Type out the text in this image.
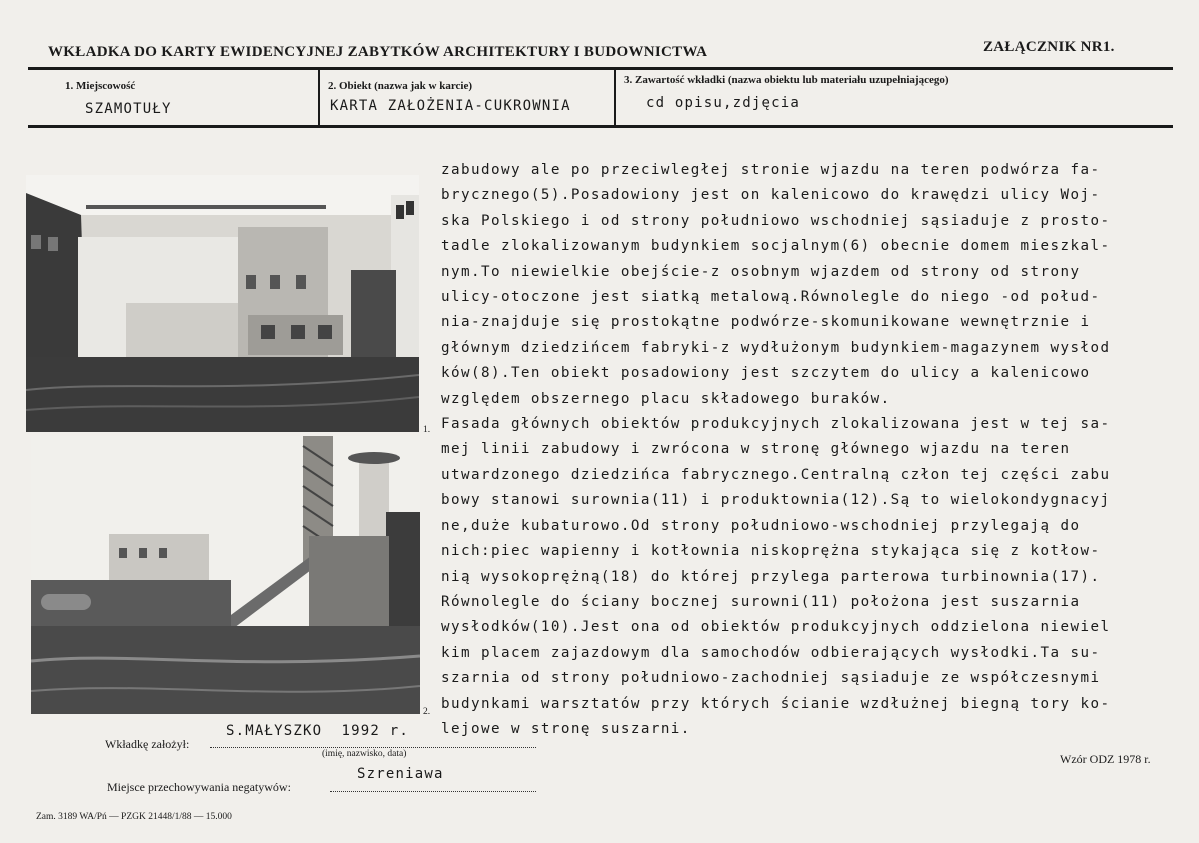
WKŁADKA DO KARTY EWIDENCYJNEJ ZABYTKÓW ARCHITEKTURY I BUDOWNICTWA	ZAŁĄCZNIK NR1.
1. Miejscowość
SZAMOTUŁY
2. Obiekt (nazwa jak w karcie)
KARTA ZAŁOŻENIA-CUKROWNIA
3. Zawartość wkładki (nazwa obiektu lub materiału uzupełniającego)
cd opisu,zdjęcia
1.
2.
zabudowy ale po przeciwległej stronie wjazdu na teren podwórza fa-
brycznego(5).Posadowiony jest on kalenicowo do krawędzi ulicy Woj-
ska Polskiego i od strony południowo wschodniej sąsiaduje z prosto-
tadle zlokalizowanym budynkiem socjalnym(6) obecnie domem mieszkal-
nym.To niewielkie obejście-z osobnym wjazdem od strony od strony
ulicy-otoczone jest siatką metalową.Równolegle do niego -od połud-
nia-znajduje się prostokątne podwórze-skomunikowane wewnętrznie i
głównym dziedzińcem fabryki-z wydłużonym budynkiem-magazynem wysłod
ków(8).Ten obiekt posadowiony jest szczytem do ulicy a kalenicowo
względem obszernego placu składowego buraków.
Fasada głównych obiektów produkcyjnych zlokalizowana jest w tej sa-
mej linii zabudowy i zwrócona w stronę głównego wjazdu na teren
utwardzonego dziedzińca fabrycznego.Centralną człon tej części zabu
bowy stanowi surownia(11) i produktownia(12).Są to wielokondygnacyj
ne,duże kubaturowo.Od strony południowo-wschodniej przylegają do
nich:piec wapienny i kotłownia niskoprężna stykająca się z kotłow-
nią wysokoprężną(18) do której przylega parterowa turbinownia(17).
Równolegle do ściany bocznej surowni(11) położona jest suszarnia
wysłodków(10).Jest ona od obiektów produkcyjnych oddzielona niewiel
kim placem zajazdowym dla samochodów odbierających wysłodki.Ta su-
szarnia od strony południowo-zachodniej sąsiaduje ze współczesnymi
budynkami warsztatów przy których ścianie wzdłużnej biegną tory ko-
lejowe w stronę suszarni.
Wkładkę założył:
S.MAŁYSZKO  1992 r.
(imię, nazwisko, data)
Miejsce przechowywania negatywów:
Szreniawa
Wzór ODZ 1978 r.
Zam. 3189 WA/Pń — PZGK 21448/1/88 — 15.000
